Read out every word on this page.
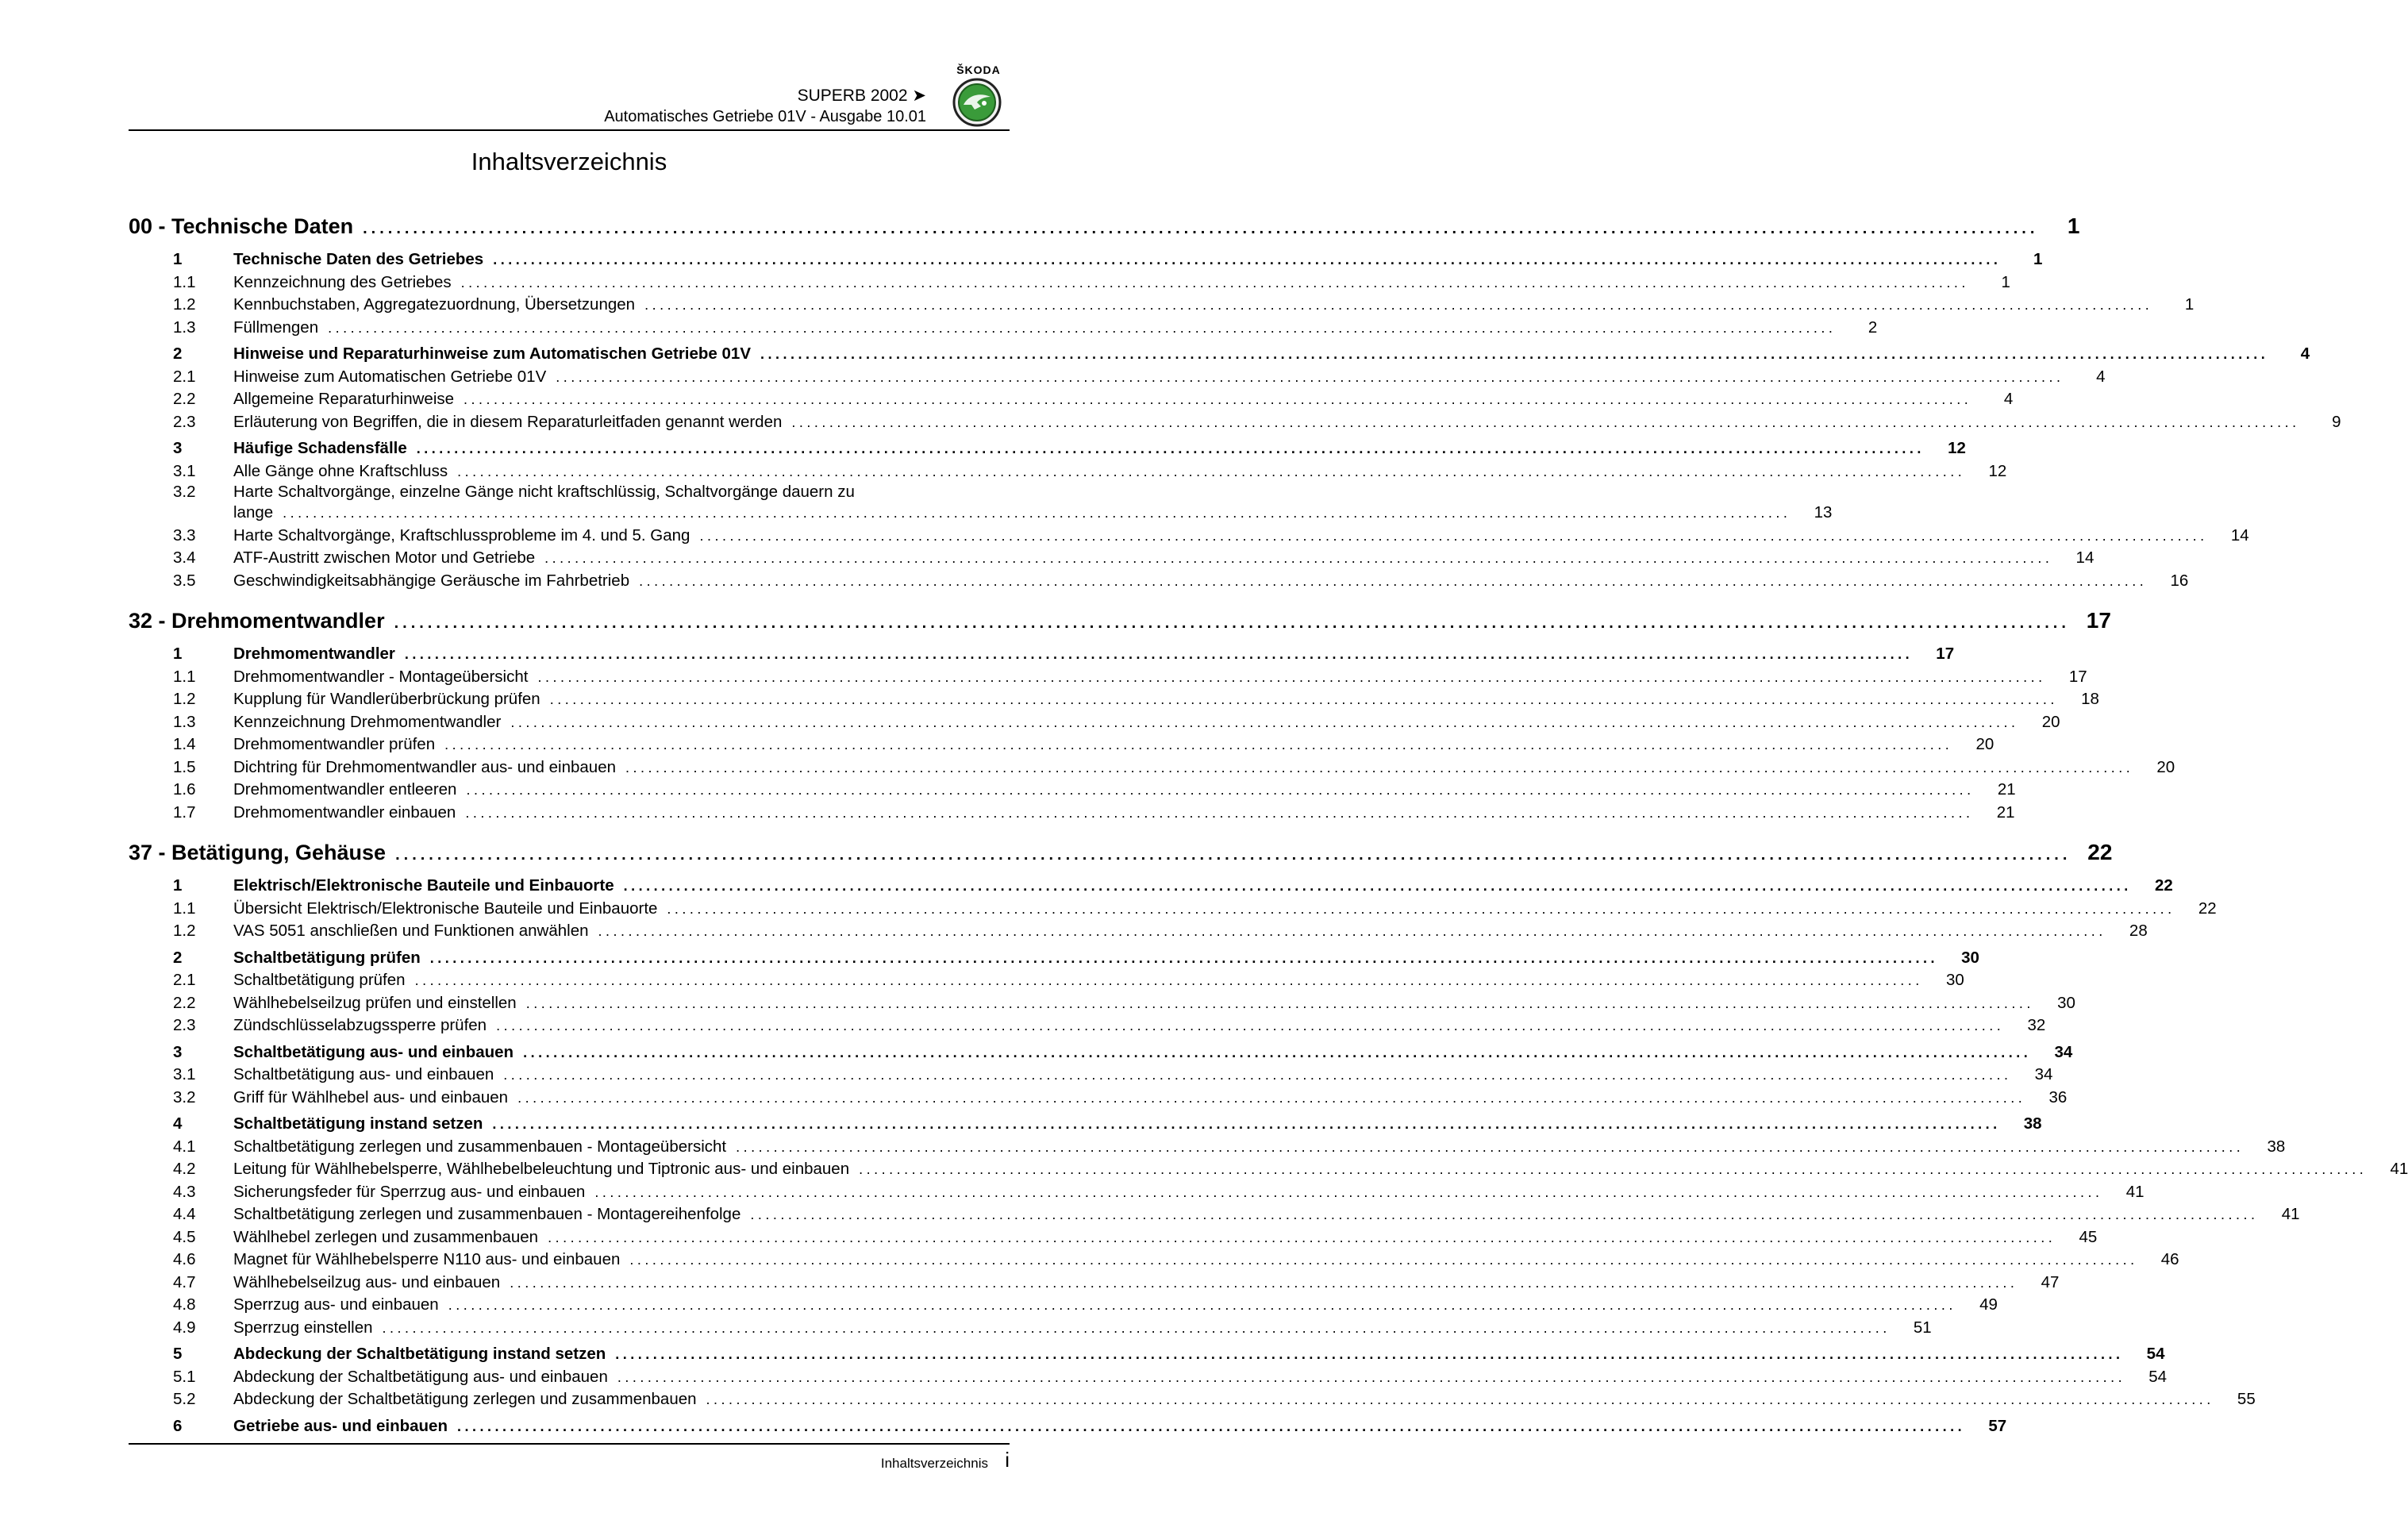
ŠKODA
SUPERB 2002 ➤
Automatisches Getriebe 01V - Ausgabe 10.01
Inhaltsverzeichnis
00 - Technische Daten ........................................................................................................................................................................................................	1
1	Technische Daten des Getriebes ........................................................................................................................................................................................................	1
1.1	Kennzeichnung des Getriebes ........................................................................................................................................................................................................	1
1.2	Kennbuchstaben, Aggregatezuordnung, Übersetzungen ........................................................................................................................................................................................................	1
1.3	Füllmengen ........................................................................................................................................................................................................	2
2	Hinweise und Reparaturhinweise zum Automatischen Getriebe 01V ........................................................................................................................................................................................................	4
2.1	Hinweise zum Automatischen Getriebe 01V ........................................................................................................................................................................................................	4
2.2	Allgemeine Reparaturhinweise ........................................................................................................................................................................................................	4
2.3	Erläuterung von Begriffen, die in diesem Reparaturleitfaden genannt werden ........................................................................................................................................................................................................	9
3	Häufige Schadensfälle ........................................................................................................................................................................................................	12
3.1	Alle Gänge ohne Kraftschluss ........................................................................................................................................................................................................	12
3.2	Harte Schaltvorgänge, einzelne Gänge nicht kraftschlüssig, Schaltvorgänge dauern zu
lange ........................................................................................................................................................................................................	13
3.3	Harte Schaltvorgänge, Kraftschlussprobleme im 4. und 5. Gang ........................................................................................................................................................................................................	14
3.4	ATF-Austritt zwischen Motor und Getriebe ........................................................................................................................................................................................................	14
3.5	Geschwindigkeitsabhängige Geräusche im Fahrbetrieb ........................................................................................................................................................................................................	16
32 - Drehmomentwandler ........................................................................................................................................................................................................ 17
1	Drehmomentwandler ........................................................................................................................................................................................................	17
1.1	Drehmomentwandler - Montageübersicht ........................................................................................................................................................................................................	17
1.2	Kupplung für Wandlerüberbrückung prüfen ........................................................................................................................................................................................................	18
1.3	Kennzeichnung Drehmomentwandler ........................................................................................................................................................................................................	20
1.4	Drehmomentwandler prüfen ........................................................................................................................................................................................................	20
1.5	Dichtring für Drehmomentwandler aus- und einbauen ........................................................................................................................................................................................................	20
1.6	Drehmomentwandler entleeren ........................................................................................................................................................................................................	21
1.7	Drehmomentwandler einbauen ........................................................................................................................................................................................................	21
37 - Betätigung, Gehäuse ........................................................................................................................................................................................................ 22
1	Elektrisch/Elektronische Bauteile und Einbauorte ........................................................................................................................................................................................................	22
1.1	Übersicht Elektrisch/Elektronische Bauteile und Einbauorte ........................................................................................................................................................................................................	22
1.2	VAS 5051 anschließen und Funktionen anwählen ........................................................................................................................................................................................................	28
2	Schaltbetätigung prüfen ........................................................................................................................................................................................................	30
2.1	Schaltbetätigung prüfen ........................................................................................................................................................................................................	30
2.2	Wählhebelseilzug prüfen und einstellen ........................................................................................................................................................................................................	30
2.3	Zündschlüsselabzugssperre prüfen ........................................................................................................................................................................................................	32
3	Schaltbetätigung aus- und einbauen ........................................................................................................................................................................................................	34
3.1	Schaltbetätigung aus- und einbauen ........................................................................................................................................................................................................	34
3.2	Griff für Wählhebel aus- und einbauen ........................................................................................................................................................................................................	36
4	Schaltbetätigung instand setzen ........................................................................................................................................................................................................	38
4.1	Schaltbetätigung zerlegen und zusammenbauen - Montageübersicht ........................................................................................................................................................................................................	38
4.2	Leitung für Wählhebelsperre, Wählhebelbeleuchtung und Tiptronic aus- und einbauen ........................................................................................................................................................................................................	41
4.3	Sicherungsfeder für Sperrzug aus- und einbauen ........................................................................................................................................................................................................	41
4.4	Schaltbetätigung zerlegen und zusammenbauen - Montagereihenfolge ........................................................................................................................................................................................................	41
4.5	Wählhebel zerlegen und zusammenbauen ........................................................................................................................................................................................................	45
4.6	Magnet für Wählhebelsperre N110 aus- und einbauen ........................................................................................................................................................................................................	46
4.7	Wählhebelseilzug aus- und einbauen ........................................................................................................................................................................................................	47
4.8	Sperrzug aus- und einbauen ........................................................................................................................................................................................................	49
4.9	Sperrzug einstellen ........................................................................................................................................................................................................	51
5	Abdeckung der Schaltbetätigung instand setzen ........................................................................................................................................................................................................	54
5.1	Abdeckung der Schaltbetätigung aus- und einbauen ........................................................................................................................................................................................................	54
5.2	Abdeckung der Schaltbetätigung zerlegen und zusammenbauen ........................................................................................................................................................................................................	55
6	Getriebe aus- und einbauen ........................................................................................................................................................................................................	57
Inhaltsverzeichnis i
